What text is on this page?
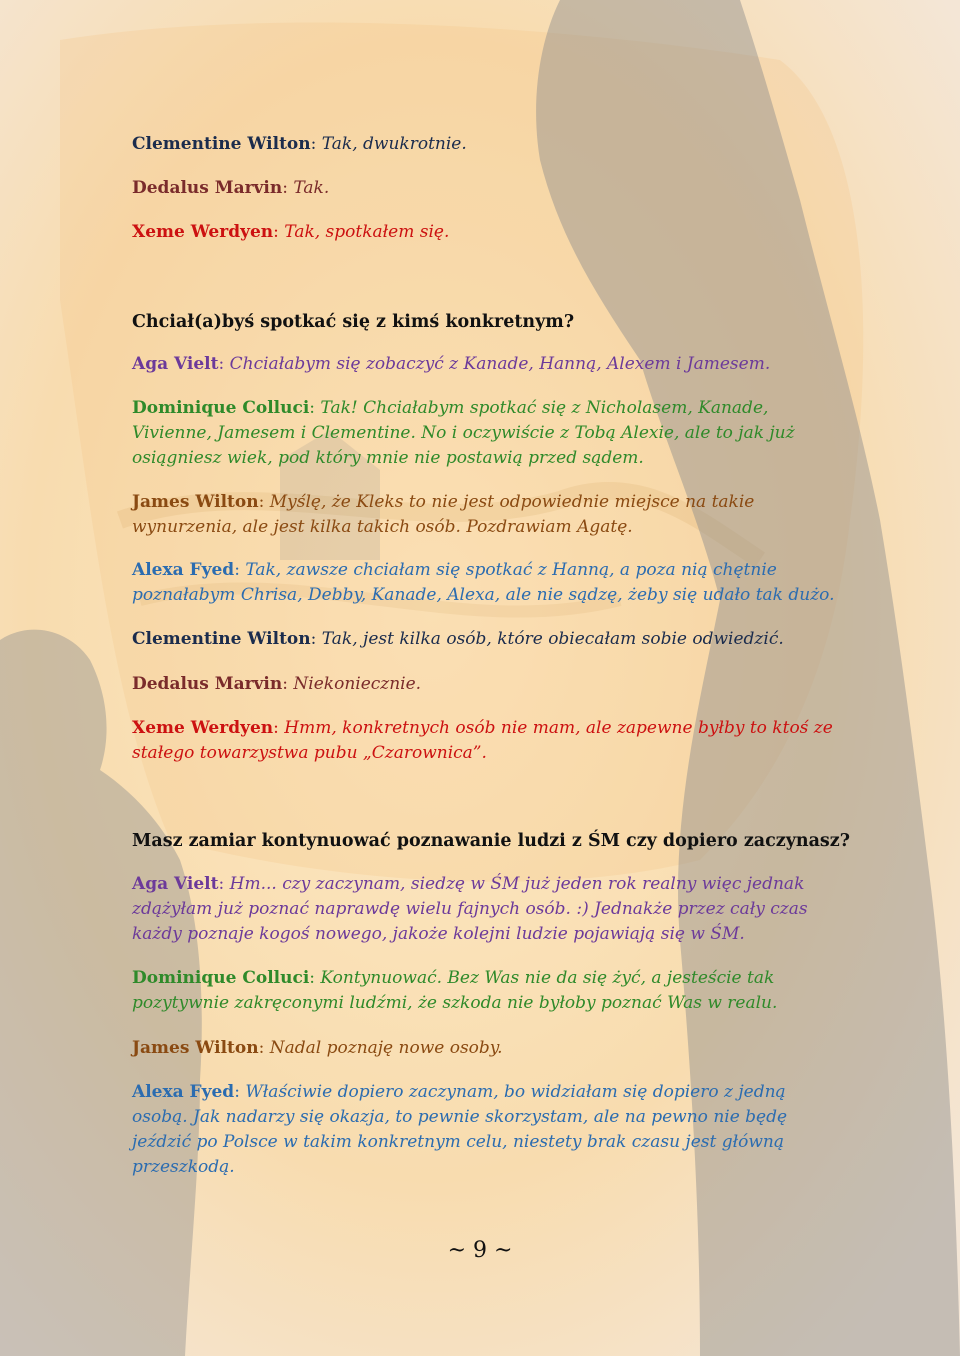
Clementine Wilton: Tak, dwukrotnie.
Dedalus Marvin: Tak.
Xeme Werdyen: Tak, spotkałem się.
Chciał(a)byś spotkać się z kimś konkretnym?
Aga Vielt: Chciałabym się zobaczyć z Kanade, Hanną, Alexem i Jamesem.
Dominique Colluci: Tak! Chciałabym spotkać się z Nicholasem, Kanade,
Vivienne, Jamesem i Clementine. No i oczywiście z Tobą Alexie, ale to jak już
osiągniesz wiek, pod który mnie nie postawią przed sądem.
James Wilton: Myślę, że Kleks to nie jest odpowiednie miejsce na takie
wynurzenia, ale jest kilka takich osób. Pozdrawiam Agatę.
Alexa Fyed: Tak, zawsze chciałam się spotkać z Hanną, a poza nią chętnie
poznałabym Chrisa, Debby, Kanade, Alexa, ale nie sądzę, żeby się udało tak dużo.
Clementine Wilton: Tak, jest kilka osób, które obiecałam sobie odwiedzić.
Dedalus Marvin: Niekoniecznie.
Xeme Werdyen: Hmm, konkretnych osób nie mam, ale zapewne byłby to ktoś ze
stałego towarzystwa pubu „Czarownica”.
Masz zamiar kontynuować poznawanie ludzi z ŚM czy dopiero zaczynasz?
Aga Vielt: Hm... czy zaczynam, siedzę w ŚM już jeden rok realny więc jednak
zdążyłam już poznać naprawdę wielu fajnych osób. :) Jednakże przez cały czas
każdy poznaje kogoś nowego, jakoże kolejni ludzie pojawiają się w ŚM.
Dominique Colluci: Kontynuować. Bez Was nie da się żyć, a jesteście tak
pozytywnie zakręconymi ludźmi, że szkoda nie byłoby poznać Was w realu.
James Wilton: Nadal poznaję nowe osoby.
Alexa Fyed: Właściwie dopiero zaczynam, bo widziałam się dopiero z jedną
osobą. Jak nadarzy się okazja, to pewnie skorzystam, ale na pewno nie będę
jeździć po Polsce w takim konkretnym celu, niestety brak czasu jest główną
przeszkodą.
~ 9 ~
